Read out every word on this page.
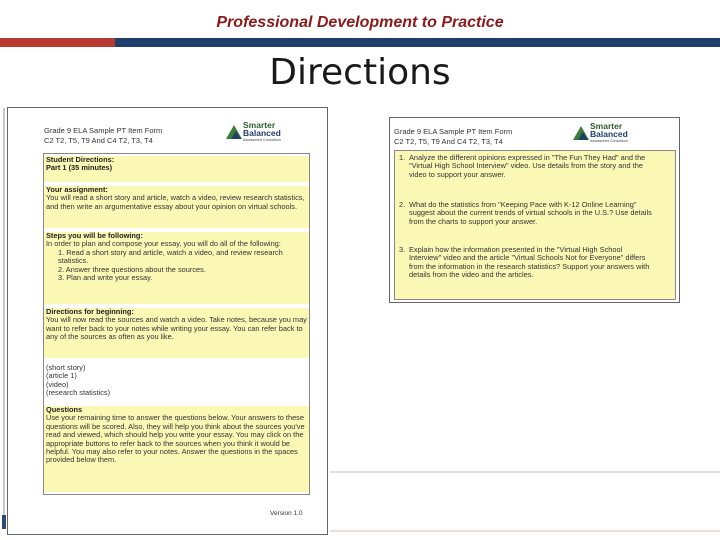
Professional Development to Practice
Directions
Grade 9 ELA Sample PT Item Form
C2 T2, T5, T9 And C4 T2, T3, T4
Smarter
Balanced
Assessment Consortium
Student Directions:
Part 1 (35 minutes)
Your assignment:
You will read a short story and article, watch a video, review research statistics, and then write an argumentative essay about your opinion on virtual schools.
Steps you will be following:
In order to plan and compose your essay, you will do all of the following:
1. Read a short story and article, watch a video, and review research statistics.
2. Answer three questions about the sources.
3. Plan and write your essay.
Directions for beginning:
You will now read the sources and watch a video. Take notes, because you may want to refer back to your notes while writing your essay. You can refer back to any of the sources as often as you like.
(short story)
(article 1)
(video)
(research statistics)
Questions
Use your remaining time to answer the questions below. Your answers to these questions will be scored. Also, they will help you think about the sources you've read and viewed, which should help you write your essay. You may click on the appropriate buttons to refer back to the sources when you think it would be helpful. You may also refer to your notes. Answer the questions in the spaces provided below them.
Version 1.0
Grade 9 ELA Sample PT Item Form
C2 T2, T5, T9 And C4 T2, T3, T4
Smarter
Balanced
Assessment Consortium
1. Analyze the different opinions expressed in "The Fun They Had" and the "Virtual High School Interview" video. Use details from the story and the video to support your answer.
2. What do the statistics from "Keeping Pace with K-12 Online Learning" suggest about the current trends of virtual schools in the U.S.? Use details from the charts to support your answer.
3. Explain how the information presented in the "Virtual High School Interview" video and the article "Virtual Schools Not for Everyone" differs from the information in the research statistics? Support your answers with details from the video and the articles.
